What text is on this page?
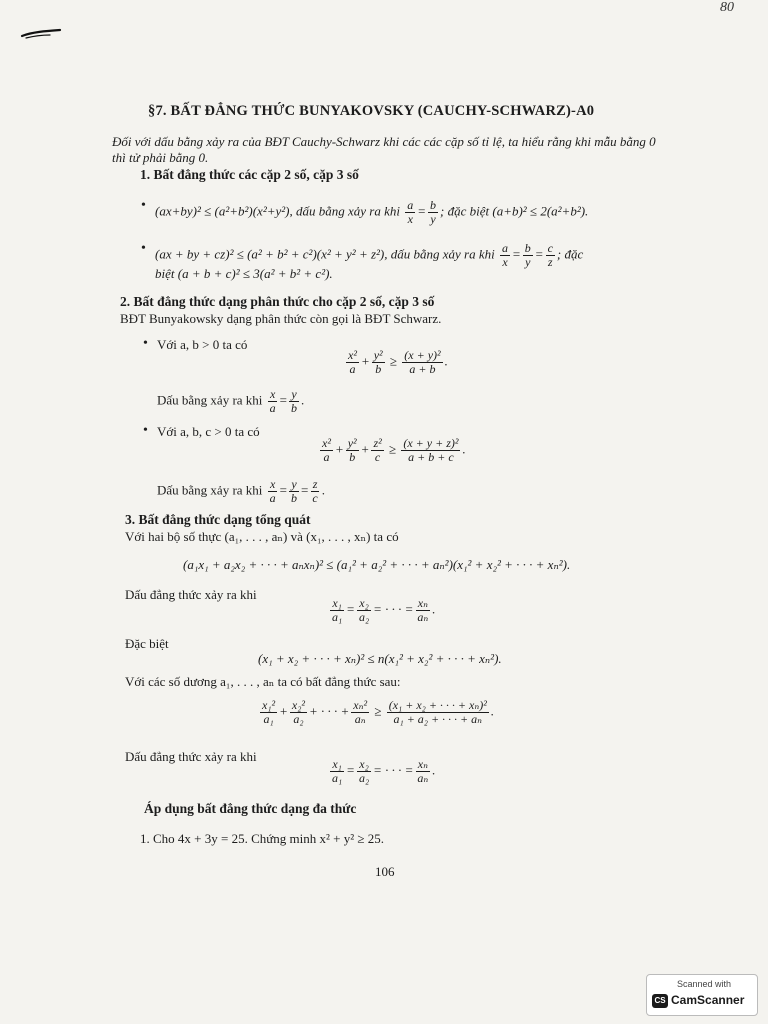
80
§7. BẤT ĐẲNG THỨC BUNYAKOVSKY (CAUCHY-SCHWARZ)-A0
Đối với dấu bằng xảy ra của BĐT Cauchy-Schwarz khi các các cặp số tỉ lệ, ta hiểu rằng khi mẫu bằng 0 thì tử phải bằng 0.
1. Bất đẳng thức các cặp 2 số, cặp 3 số
• (ax+by)² ≤ (a²+b²)(x²+y²), dấu bằng xảy ra khi $\frac{a}{x} = \frac{b}{y}$ ; đặc biệt (a+b)² ≤ 2(a²+b²).
• (ax + by + cz)² ≤ (a² + b² + c²)(x² + y² + z²), dấu bằng xảy ra khi $\frac{a}{x} = \frac{b}{y} = \frac{c}{z}$ ; đặc
biệt (a + b + c)² ≤ 3(a² + b² + c²).
2. Bất đẳng thức dạng phân thức cho cặp 2 số, cặp 3 số
BĐT Bunyakowsky dạng phân thức còn gọi là BĐT Schwarz.
• Với a, b > 0 ta có
$\frac{\text{x²}}{a} + \frac{\text{y²}}{b} \ge \frac{\text{(x + y)²}}{a + b}$ .
Dấu bằng xảy ra khi $\frac{x}{a} = \frac{y}{b}$ .
• Với a, b, c > 0 ta có
$\frac{\text{x²}}{a} + \frac{\text{y²}}{b} + \frac{\text{z²}}{c} \ge \frac{\text{(x + y + z)²}}{a + b + c}$ .
Dấu bằng xảy ra khi $\frac{x}{a} = \frac{y}{b} = \frac{z}{c}$ .
3. Bất đẳng thức dạng tổng quát
Với hai bộ số thực (a₁, . . . , aₙ) và (x₁, . . . , xₙ) ta có
(a₁x₁ + a₂x₂ + · · · + aₙxₙ)² ≤ (a₁² + a₂² + · · · + aₙ²)(x₁² + x₂² + · · · + xₙ²).
Dấu đẳng thức xảy ra khi
$\frac{\text{x₁}}{\text{a₁}} = \frac{\text{x₂}}{\text{a₂}}$ = · · · = $\frac{\text{xₙ}}{\text{aₙ}}$ .
Đặc biệt
(x₁ + x₂ + · · · + xₙ)² ≤ n(x₁² + x₂² + · · · + xₙ²).
Với các số dương a₁, . . . , aₙ ta có bất đẳng thức sau:
$\frac{\text{x₁²}}{\text{a₁}} + \frac{\text{x₂²}}{\text{a₂}}$ + · · · + $\frac{\text{xₙ²}}{\text{aₙ}} \ge \frac{\text{(x₁ + x₂ + · · · + xₙ)²}}{\text{a₁ + a₂ + · · · + aₙ}}$ .
Dấu đẳng thức xảy ra khi
$\frac{\text{x₁}}{\text{a₁}} = \frac{\text{x₂}}{\text{a₂}}$ = · · · = $\frac{\text{xₙ}}{\text{aₙ}}$ .
Áp dụng bất đẳng thức dạng đa thức
1. Cho 4x + 3y = 25. Chứng minh x² + y² ≥ 25.
106
Scanned with
CS CamScanner
